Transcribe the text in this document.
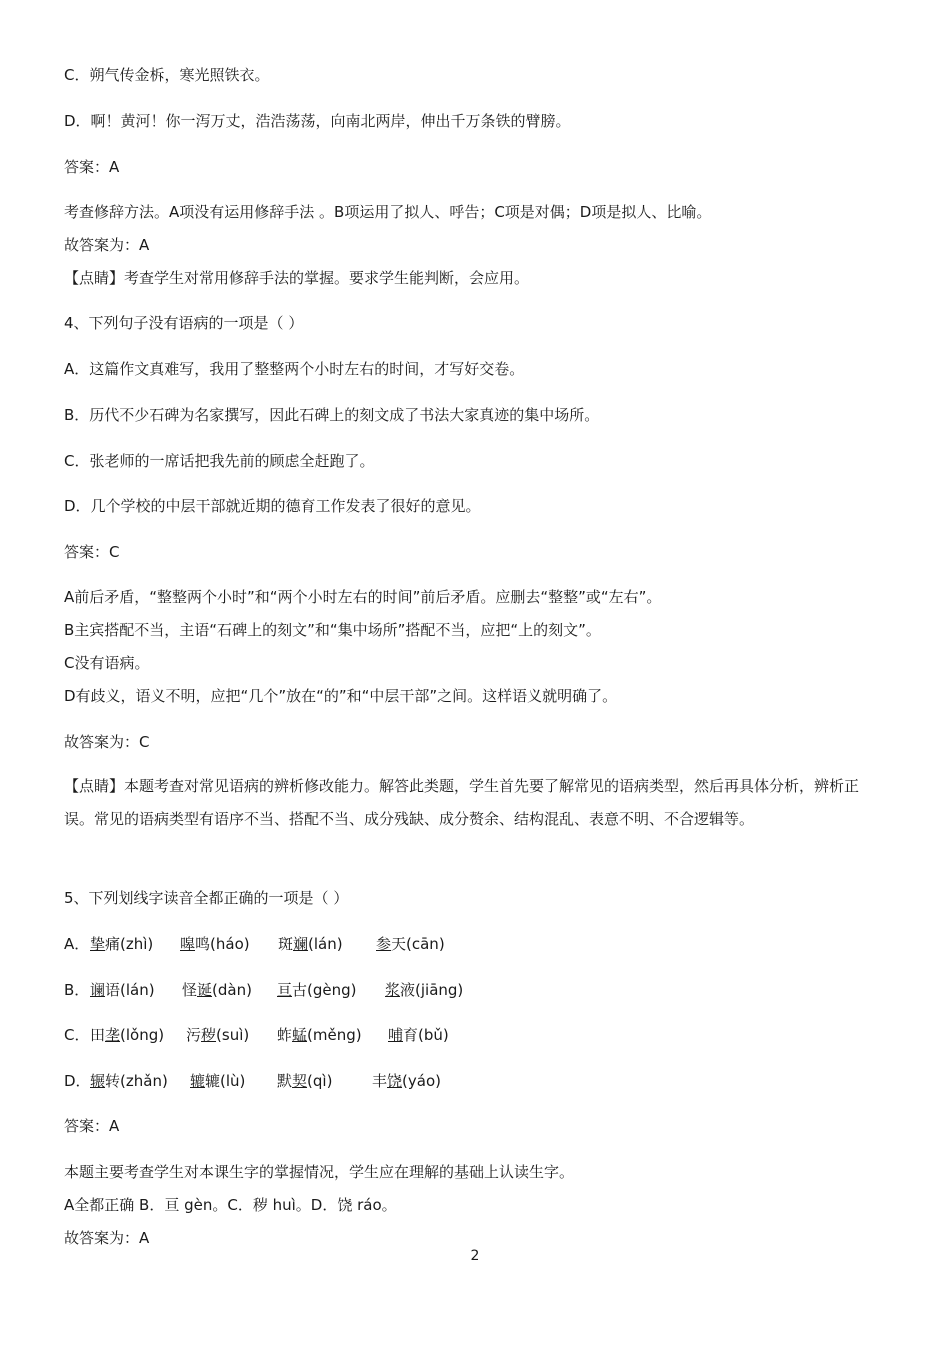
C．朔气传金柝，寒光照铁衣。
D．啊！黄河！你一泻万丈，浩浩荡荡，向南北两岸，伸出千万条铁的臂膀。
答案：A
考查修辞方法。A项没有运用修辞手法 。B项运用了拟人、呼告；C项是对偶；D项是拟人、比喻。
故答案为：A
【点睛】考查学生对常用修辞手法的掌握。要求学生能判断，会应用。
4、下列句子没有语病的一项是（ ）
A．这篇作文真难写，我用了整整两个小时左右的时间，才写好交卷。
B．历代不少石碑为名家撰写，因此石碑上的刻文成了书法大家真迹的集中场所。
C．张老师的一席话把我先前的顾虑全赶跑了。
D．几个学校的中层干部就近期的德育工作发表了很好的意见。
答案：C
A前后矛盾，“整整两个小时”和“两个小时左右的时间”前后矛盾。应删去“整整”或“左右”。
B主宾搭配不当，主语“石碑上的刻文”和“集中场所”搭配不当，应把“上的刻文”。
C没有语病。
D有歧义，语义不明，应把“几个”放在“的”和“中层干部”之间。这样语义就明确了。
故答案为：C
【点睛】本题考查对常见语病的辨析修改能力。解答此类题，学生首先要了解常见的语病类型，然后再具体分析，辨析正误。常见的语病类型有语序不当、搭配不当、成分残缺、成分赘余、结构混乱、表意不明、不合逻辑等。
5、下列划线字读音全都正确的一项是（ ）
A． 挚痛(zhì) 嗥鸣(háo) 斑斓(lán) 参天(cān)
B． 谰语(lán) 怪诞(dàn) 亘古(gèng) 浆液(jiāng)
C． 田垄(lǒng) 污秽(suì) 蚱蜢(měng) 哺育(bǔ)
D． 辗转(zhǎn) 辘辘(lù) 默契(qì)	丰饶(yáo)
答案：A
本题主要考查学生对本课生字的掌握情况，学生应在理解的基础上认读生字。
A全都正确 B．亘 gèn。C．秽 huì。D．饶 ráo。
故答案为：A
2
